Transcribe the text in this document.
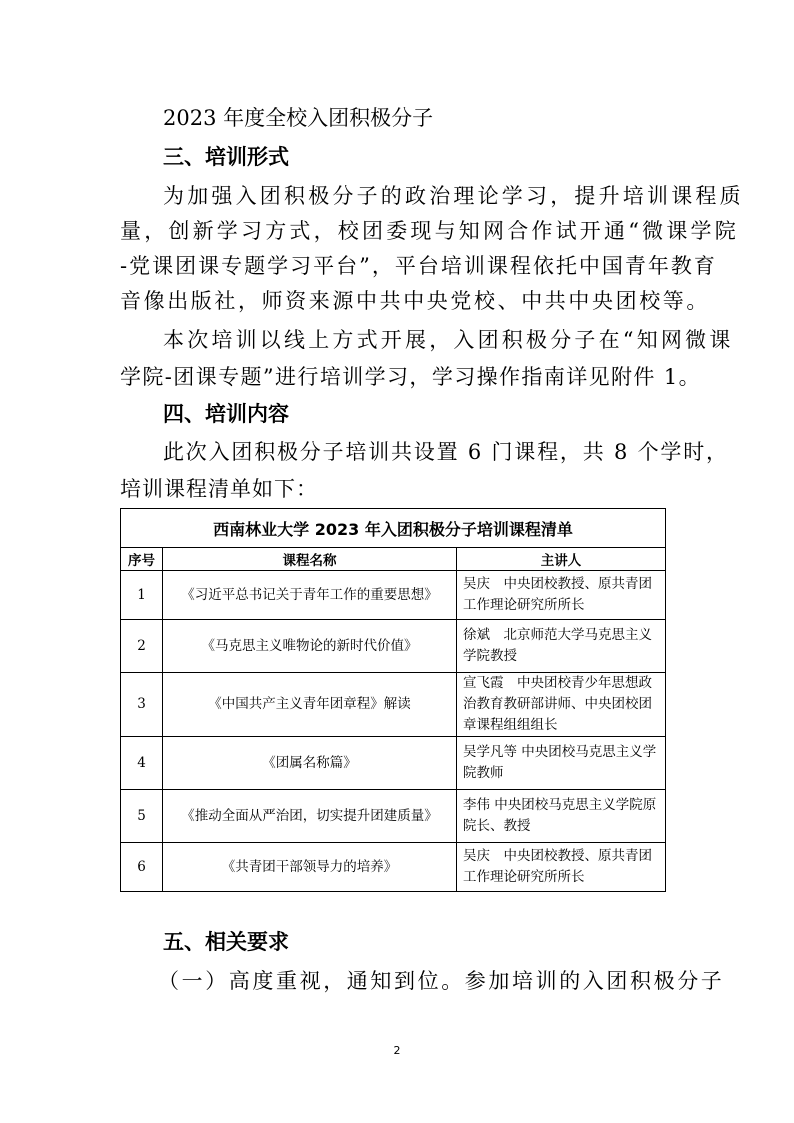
2023 年度全校入团积极分子
三、培训形式
为加强入团积极分子的政治理论学习，提升培训课程质
量，创新学习方式，校团委现与知网合作试开通“微课学院
-党课团课专题学习平台”，平台培训课程依托中国青年教育
音像出版社，师资来源中共中央党校、中共中央团校等。
本次培训以线上方式开展，入团积极分子在“知网微课
学院-团课专题”进行培训学习，学习操作指南详见附件 1。
四、培训内容
此次入团积极分子培训共设置 6 门课程，共 8 个学时，
培训课程清单如下：
西南林业大学 2023 年入团积极分子培训课程清单		
序号	课程名称	主讲人
1	《习近平总书记关于青年工作的重要思想》	吴庆　中央团校教授、原共青团工作理论研究所所长
2	《马克思主义唯物论的新时代价值》	徐斌　北京师范大学马克思主义学院教授
3	《中国共产主义青年团章程》解读	宣飞霞　中央团校青少年思想政治教育教研部讲师、中央团校团章课程组组组长
4	《团属名称篇》	吴学凡等 中央团校马克思主义学院教师
5	《推动全面从严治团，切实提升团建质量》	李伟 中央团校马克思主义学院原院长、教授
6	《共青团干部领导力的培养》	吴庆　中央团校教授、原共青团工作理论研究所所长
五、相关要求
（一）高度重视，通知到位。参加培训的入团积极分子
2
